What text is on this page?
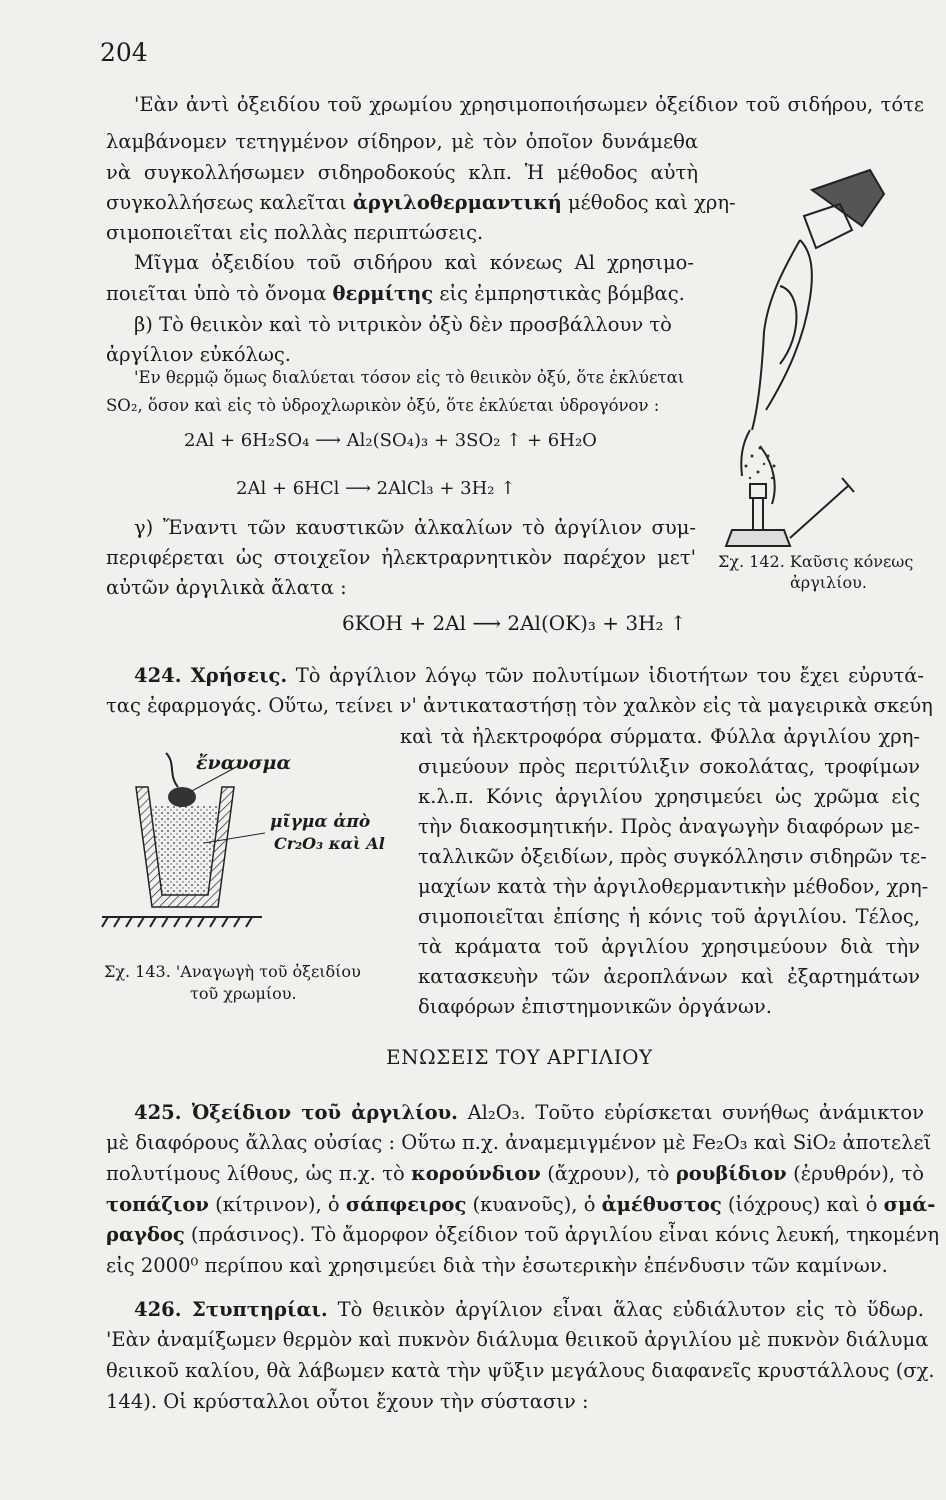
204
'Εὰν ἀντὶ ὀξειδίου τοῦ χρωμίου χρησιμοποιήσωμεν ὀξείδιον τοῦ σιδήρου, τότε
λαμβάνομεν τετηγμένον σίδηρον, μὲ τὸν ὁποῖον δυνάμεθα
νὰ συγκολλήσωμεν σιδηροδοκούς κλπ. Ἡ μέθοδος αὐτὴ
συγκολλήσεως καλεῖται ἀργιλοθερμαντική μέθοδος καὶ χρη-
σιμοποιεῖται εἰς πολλὰς περιπτώσεις.
Μῖγμα ὀξειδίου τοῦ σιδήρου καὶ κόνεως Al χρησιμο-
ποιεῖται ὑπὸ τὸ ὄνομα θερμίτης εἰς ἐμπρηστικὰς βόμβας.
β) Τὸ θειικὸν καὶ τὸ νιτρικὸν ὀξὺ δὲν προσβάλλουν τὸ
ἀργίλιον εὐκόλως.
'Εν θερμῷ ὅμως διαλύεται τόσον εἰς τὸ θειικὸν ὀξύ, ὅτε ἐκλύεται
SO₂, ὅσον καὶ εἰς τὸ ὑδροχλωρικὸν ὀξύ, ὅτε ἐκλύεται ὑδρογόνον :
2Al + 6H₂SO₄ ⟶ Al₂(SO₄)₃ + 3SO₂ ↑ + 6H₂O
2Al + 6HCl ⟶ 2AlCl₃ + 3H₂ ↑
γ) Ἔναντι τῶν καυστικῶν ἀλκαλίων τὸ ἀργίλιον συμ-
περιφέρεται ὡς στοιχεῖον ἠλεκτραρνητικὸν παρέχον μετ'
αὐτῶν ἀργιλικὰ ἄλατα :
Σχ. 142. Καῦσις κόνεως
ἀργιλίου.
6KOH + 2Al ⟶ 2Al(OK)₃ + 3H₂ ↑
424. Χρήσεις. Τὸ ἀργίλιον λόγῳ τῶν πολυτίμων ἰδιοτήτων του ἔχει εὐρυτά-
τας ἐφαρμογάς. Οὕτω, τείνει ν' ἀντικαταστήσῃ τὸν χαλκὸν εἰς τὰ μαγειρικὰ σκεύη
καὶ τὰ ἠλεκτροφόρα σύρματα. Φύλλα ἀργιλίου χρη-
σιμεύουν πρὸς περιτύλιξιν σοκολάτας, τροφίμων
κ.λ.π. Κόνις ἀργιλίου χρησιμεύει ὡς χρῶμα εἰς
τὴν διακοσμητικήν. Πρὸς ἀναγωγὴν διαφόρων με-
ταλλικῶν ὀξειδίων, πρὸς συγκόλλησιν σιδηρῶν τε-
μαχίων κατὰ τὴν ἀργιλοθερμαντικὴν μέθοδον, χρη-
σιμοποιεῖται ἐπίσης ἡ κόνις τοῦ ἀργιλίου. Τέλος,
τὰ κράματα τοῦ ἀργιλίου χρησιμεύουν διὰ τὴν
κατασκευὴν τῶν ἀεροπλάνων καὶ ἐξαρτημάτων
διαφόρων ἐπιστημονικῶν ὀργάνων.
ἔναυσμα
μῖγμα ἀπὸ
Cr₂O₃ καὶ Al
Σχ. 143. 'Αναγωγὴ τοῦ ὀξειδίου
τοῦ χρωμίου.
ΕΝΩΣΕΙΣ ΤΟΥ ΑΡΓΙΛΙΟΥ
425. Ὀξείδιον τοῦ ἀργιλίου. Al₂O₃. Τοῦτο εὑρίσκεται συνήθως ἀνάμικτον
μὲ διαφόρους ἄλλας οὐσίας : Οὕτω π.χ. ἀναμεμιγμένον μὲ Fe₂O₃ καὶ SiO₂ ἀποτελεῖ
πολυτίμους λίθους, ὡς π.χ. τὸ κορούνδιον (ἄχρουν), τὸ ρουβίδιον (ἐρυθρόν), τὸ
τοπάζιον (κίτρινον), ὁ σάπφειρος (κυανοῦς), ὁ ἀμέθυστος (ἰόχρους) καὶ ὁ σμά-
ραγδος (πράσινος). Τὸ ἄμορφον ὀξείδιον τοῦ ἀργιλίου εἶναι κόνις λευκή, τηκομένη
εἰς 2000⁰ περίπου καὶ χρησιμεύει διὰ τὴν ἐσωτερικὴν ἐπένδυσιν τῶν καμίνων.
426. Στυπτηρίαι. Τὸ θειικὸν ἀργίλιον εἶναι ἅλας εὐδιάλυτον εἰς τὸ ὕδωρ.
'Εὰν ἀναμίξωμεν θερμὸν καὶ πυκνὸν διάλυμα θειικοῦ ἀργιλίου μὲ πυκνὸν διάλυμα
θειικοῦ καλίου, θὰ λάβωμεν κατὰ τὴν ψῦξιν μεγάλους διαφανεῖς κρυστάλλους (σχ.
144). Οἱ κρύσταλλοι οὗτοι ἔχουν τὴν σύστασιν :
